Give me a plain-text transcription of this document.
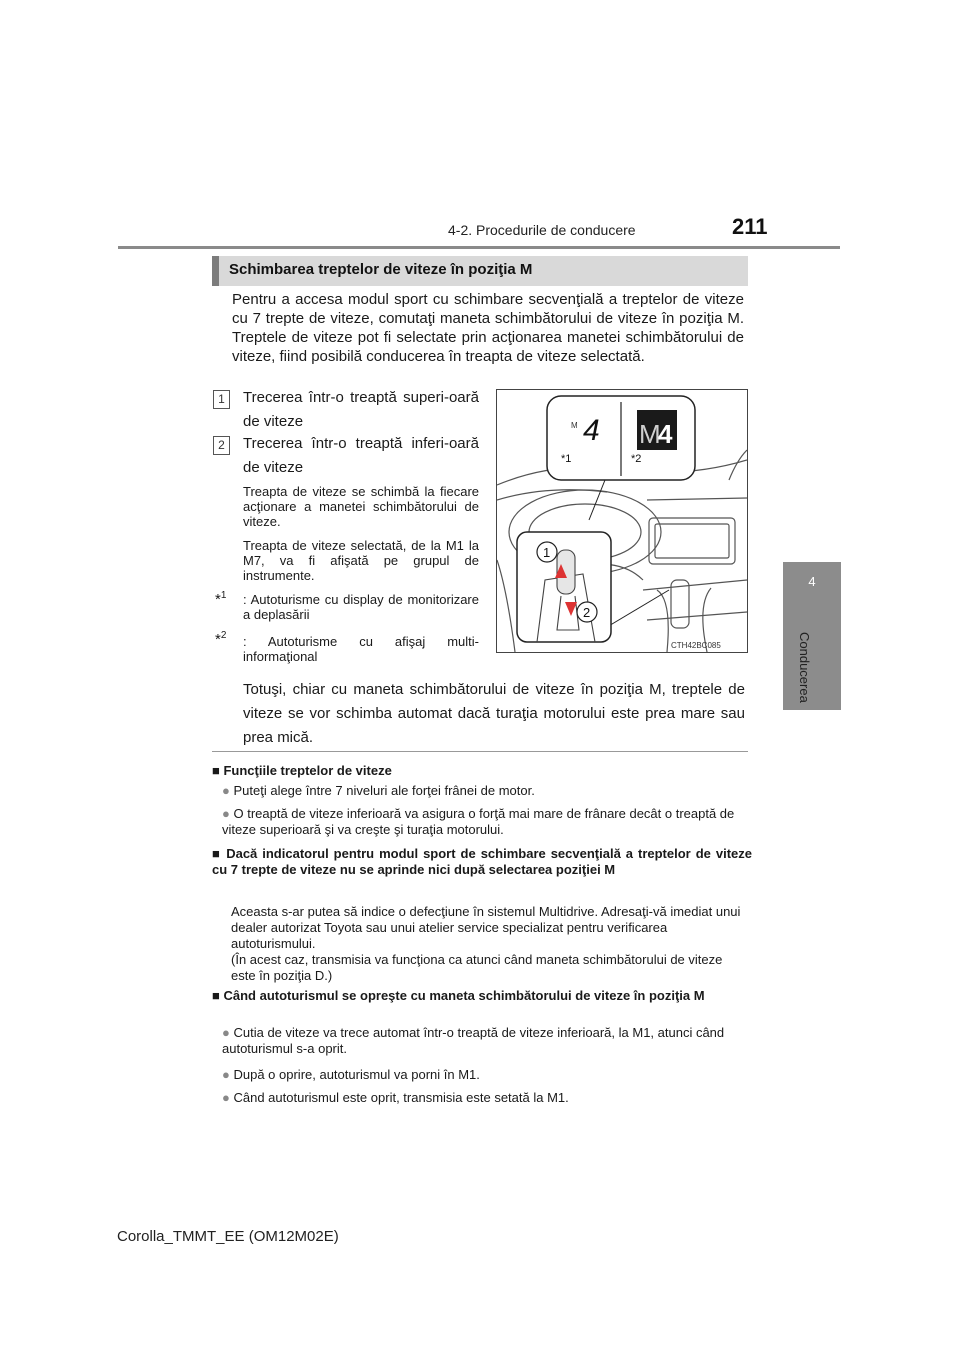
4-2. Procedurile de conducere	211
4
Conducerea
Schimbarea treptelor de viteze în poziţia M
Pentru a accesa modul sport cu schimbare secvenţială a treptelor de viteze cu 7 trepte de viteze, comutaţi maneta schimbătorului de viteze în poziţia M. Treptele de viteze pot fi selectate prin acţionarea manetei schimbătorului de viteze, fiind posibilă conducerea în treapta de viteze selectată.
1	Trecerea într-o treaptă superi-oară de viteze
2	Trecerea într-o treaptă inferi-oară de viteze
Treapta de viteze se schimbă la fiecare acţionare a manetei schimbătorului de viteze.
Treapta de viteze selectată, de la M1 la M7, va fi afişată pe grupul de instrumente.
*$^1$ : Autoturisme cu display de monitorizare a deplasării
*$^2$ : Autoturisme cu afişaj multi-informaţional
M 4 M
4
*1	*2
1
2
CTH42BC085
Totuşi, chiar cu maneta schimbătorului de viteze în poziţia M, treptele de viteze se vor schimba automat dacă turaţia motorului este prea mare sau prea mică.
■ Funcţiile treptelor de viteze
● Puteţi alege între 7 niveluri ale forţei frânei de motor.
● O treaptă de viteze inferioară va asigura o forţă mai mare de frânare decât o treaptă de viteze superioară şi va creşte şi turaţia motorului.
■ Dacă indicatorul pentru modul sport de schimbare secvenţială a treptelor de viteze cu 7 trepte de viteze nu se aprinde nici după selectarea poziţiei M
Aceasta s-ar putea să indice o defecţiune în sistemul Multidrive. Adresaţi-vă imediat unui dealer autorizat Toyota sau unui atelier service specializat pentru verificarea autoturismului.
(În acest caz, transmisia va funcţiona ca atunci când maneta schimbătorului de viteze este în poziţia D.)
■ Când autoturismul se opreşte cu maneta schimbătorului de viteze în poziţia M
● Cutia de viteze va trece automat într-o treaptă de viteze inferioară, la M1, atunci când autoturismul s-a oprit.
● După o oprire, autoturismul va porni în M1.
● Când autoturismul este oprit, transmisia este setată la M1.
Corolla_TMMT_EE (OM12M02E)
